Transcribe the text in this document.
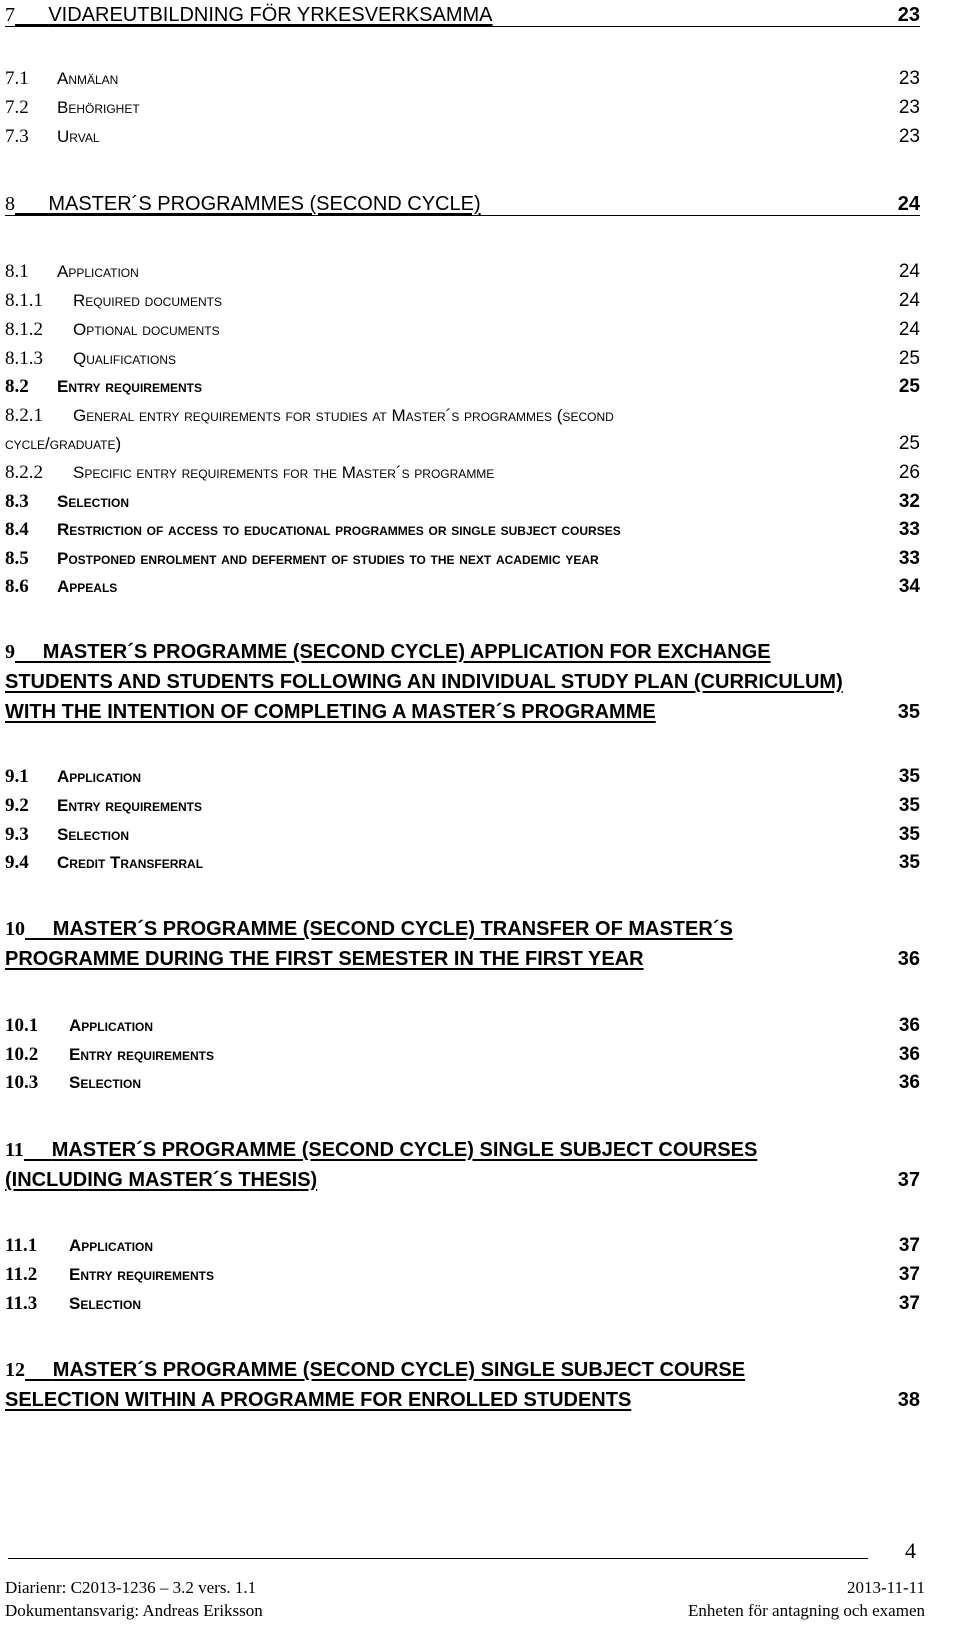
7 VIDAREUTBILDNING FÖR YRKESVERKSAMMA	23
7.1 Anmälan	23
7.2 Behörighet	23
7.3 Urval	23
8 MASTER´S PROGRAMMES (SECOND CYCLE)	24
8.1 Application	24
8.1.1 Required documents	24
8.1.2 Optional documents	24
8.1.3 Qualifications	25
8.2 Entry requirements	25
8.2.1 General entry requirements for studies at Master´s programmes (second
cycle/graduate)	25
8.2.2 Specific entry requirements for the Master´s programme	26
8.3 Selection	32
8.4 Restriction of access to educational programmes or single subject courses	33
8.5 Postponed enrolment and deferment of studies to the next academic year	33
8.6 Appeals	34
9 MASTER´S PROGRAMME (SECOND CYCLE) APPLICATION FOR EXCHANGE STUDENTS AND STUDENTS FOLLOWING AN INDIVIDUAL STUDY PLAN (CURRICULUM) WITH THE INTENTION OF COMPLETING A MASTER´S PROGRAMME	35
9.1 Application	35
9.2 Entry requirements	35
9.3 Selection	35
9.4 Credit Transferral	35
10 MASTER´S PROGRAMME (SECOND CYCLE) TRANSFER OF MASTER´S PROGRAMME DURING THE FIRST SEMESTER IN THE FIRST YEAR	36
10.1 Application	36
10.2 Entry requirements	36
10.3 Selection	36
11 MASTER´S PROGRAMME (SECOND CYCLE) SINGLE SUBJECT COURSES (INCLUDING MASTER´S THESIS)	37
11.1 Application	37
11.2 Entry requirements	37
11.3 Selection	37
12 MASTER´S PROGRAMME (SECOND CYCLE) SINGLE SUBJECT COURSE SELECTION WITHIN A PROGRAMME FOR ENROLLED STUDENTS	38
4
Diarienr: C2013-1236 – 3.2 vers. 1.1	2013-11-11
Dokumentansvarig: Andreas Eriksson	Enheten för antagning och examen
